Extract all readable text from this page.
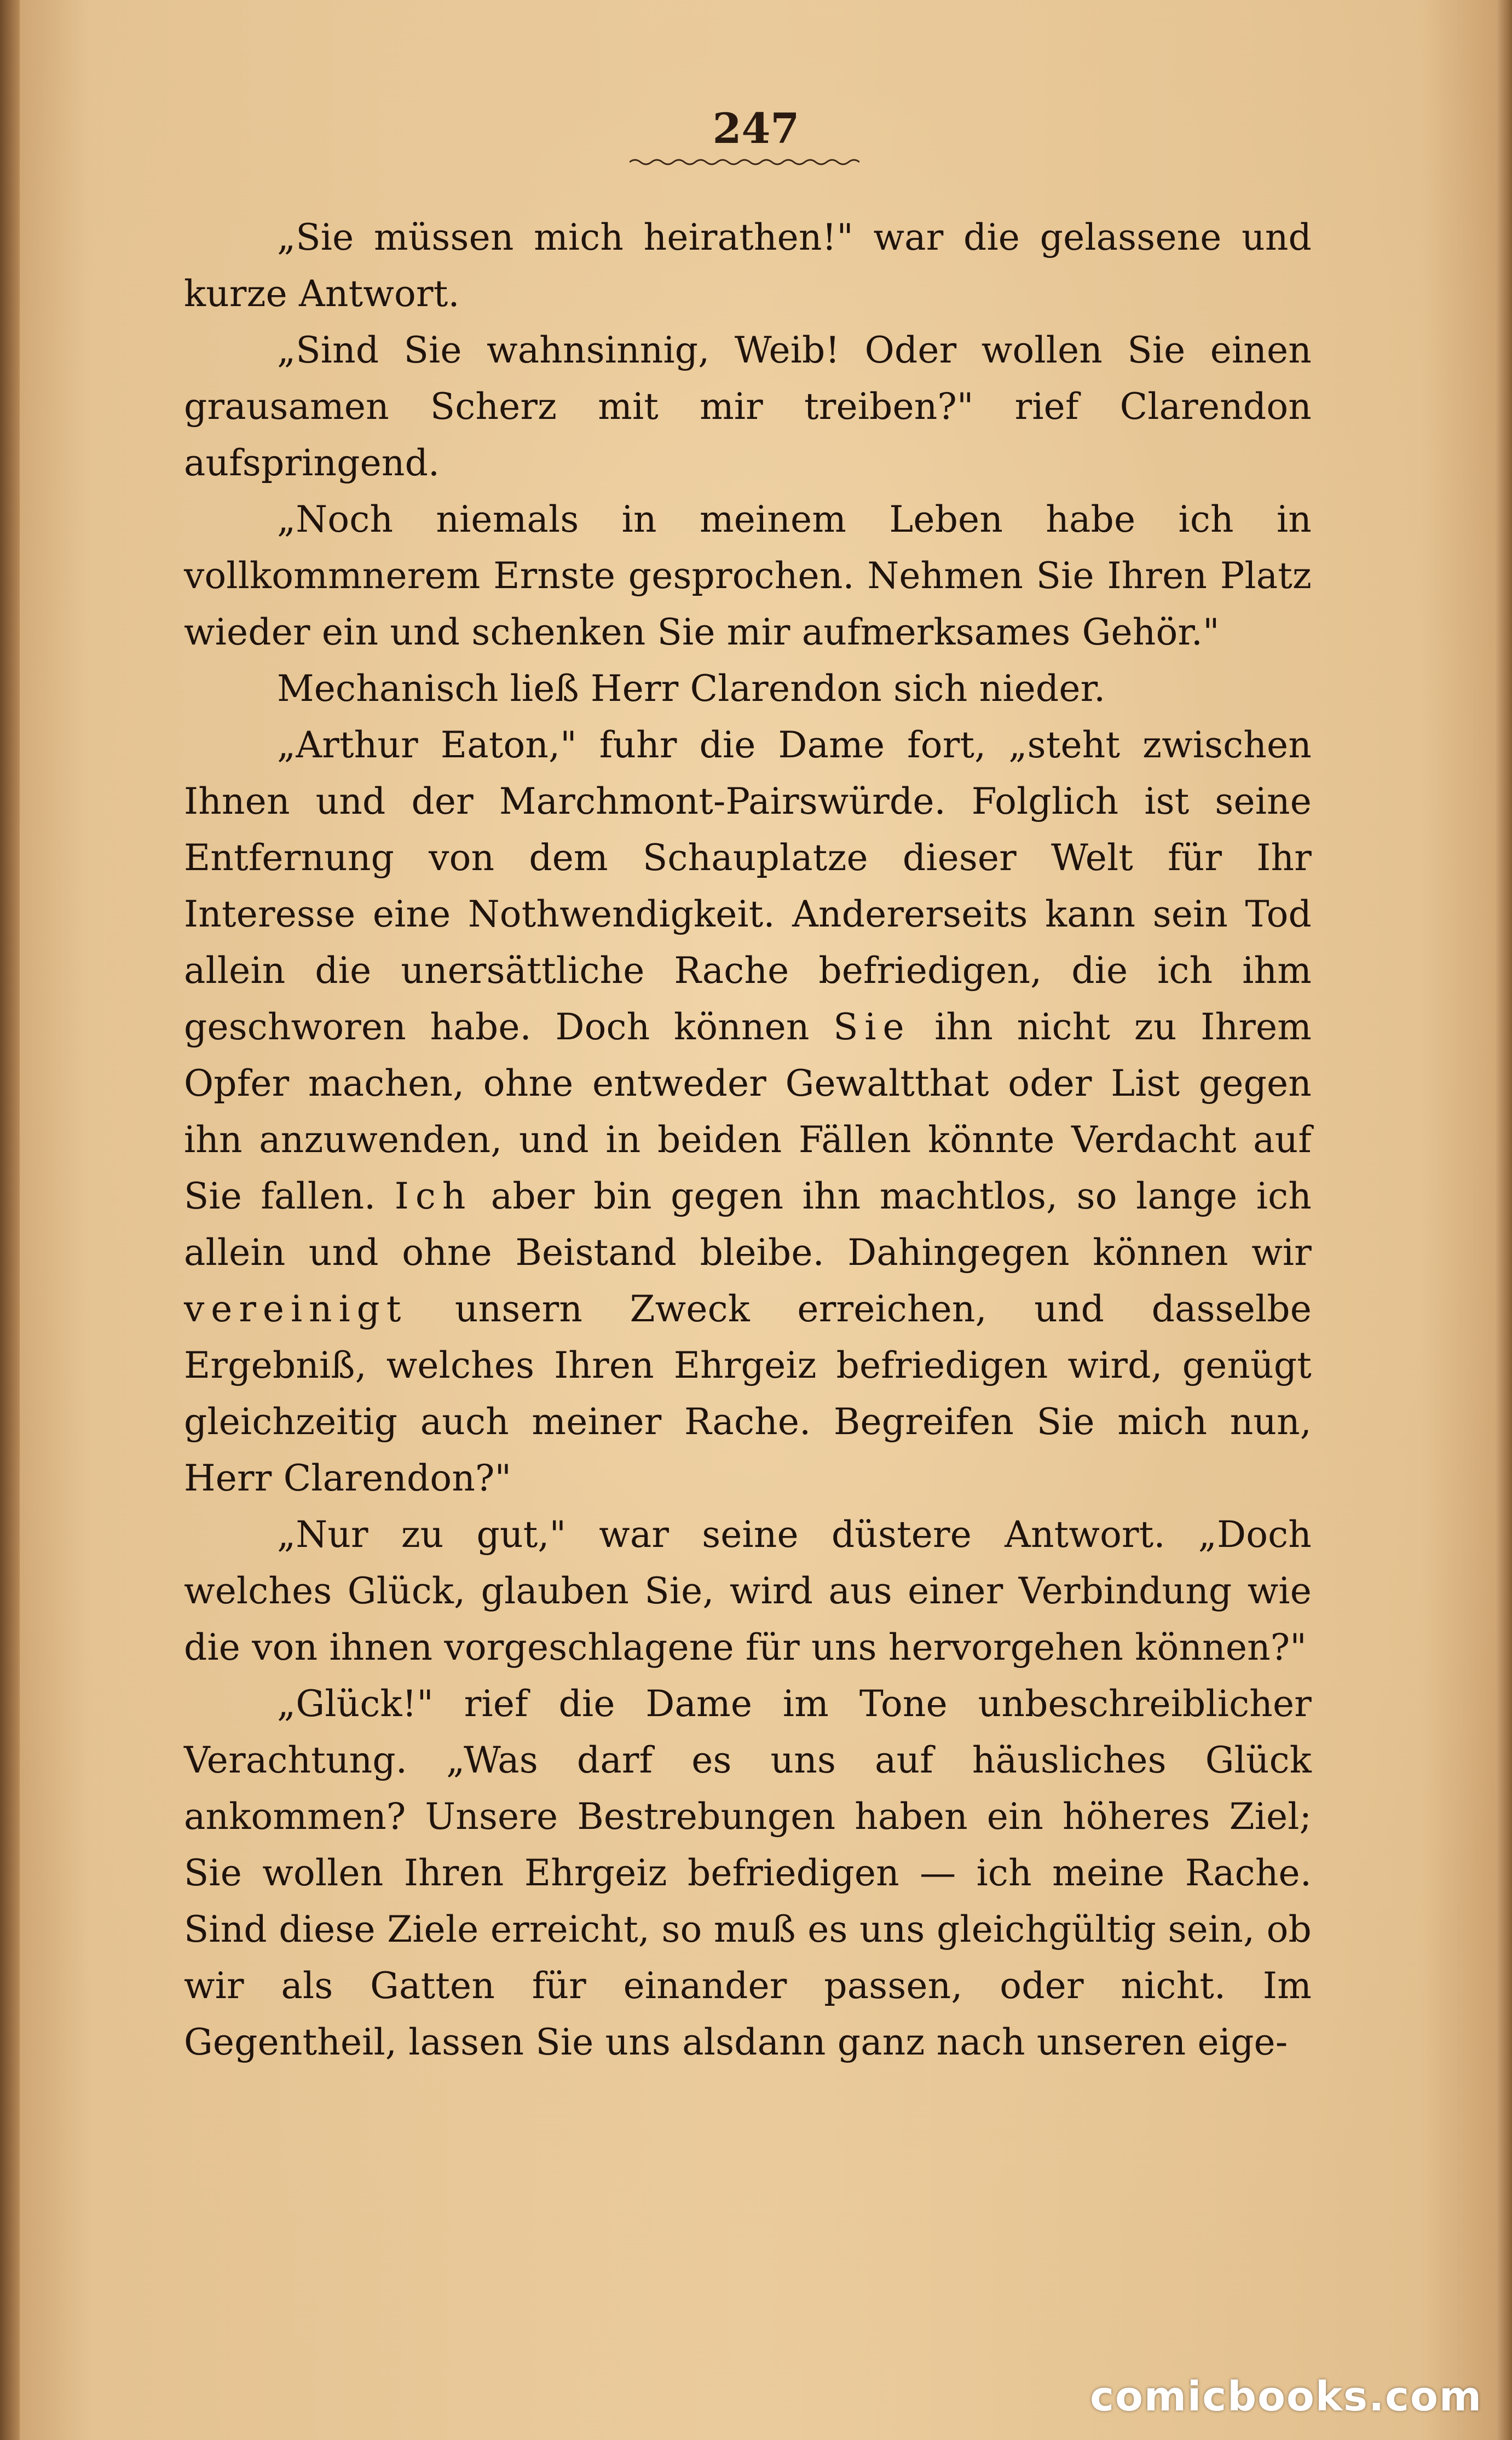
247

„Sie müssen mich heirathen!" war die gelassene und kurze Antwort.

„Sind Sie wahnsinnig, Weib! Oder wollen Sie einen grausamen Scherz mit mir treiben?" rief Clarendon aufspringend.

„Noch niemals in meinem Leben habe ich in vollkommnerem Ernste gesprochen. Nehmen Sie Ihren Platz wieder ein und schenken Sie mir aufmerksames Gehör."

Mechanisch ließ Herr Clarendon sich nieder.

„Arthur Eaton," fuhr die Dame fort, „steht zwischen Ihnen und der Marchmont-Pairswürde. Folglich ist seine Entfernung von dem Schauplatze dieser Welt für Ihr Interesse eine Nothwendigkeit. Andererseits kann sein Tod allein die unersättliche Rache befriedigen, die ich ihm geschworen habe. Doch können Sie ihn nicht zu Ihrem Opfer machen, ohne entweder Gewaltthat oder List gegen ihn anzuwenden, und in beiden Fällen könnte Verdacht auf Sie fallen. Ich aber bin gegen ihn machtlos, so lange ich allein und ohne Beistand bleibe. Dahingegen können wir vereinigt unsern Zweck erreichen, und dasselbe Ergebniß, welches Ihren Ehrgeiz befriedigen wird, genügt gleichzeitig auch meiner Rache. Begreifen Sie mich nun, Herr Clarendon?"

„Nur zu gut," war seine düstere Antwort. „Doch welches Glück, glauben Sie, wird aus einer Verbindung wie die von ihnen vorgeschlagene für uns hervorgehen können?"

„Glück!" rief die Dame im Tone unbeschreiblicher Verachtung. „Was darf es uns auf häusliches Glück ankommen? Unsere Bestrebungen haben ein höheres Ziel; Sie wollen Ihren Ehrgeiz befriedigen — ich meine Rache. Sind diese Ziele erreicht, so muß es uns gleichgültig sein, ob wir als Gatten für einander passen, oder nicht. Im Gegentheil, lassen Sie uns alsdann ganz nach unseren eige-

comicbooks.com
